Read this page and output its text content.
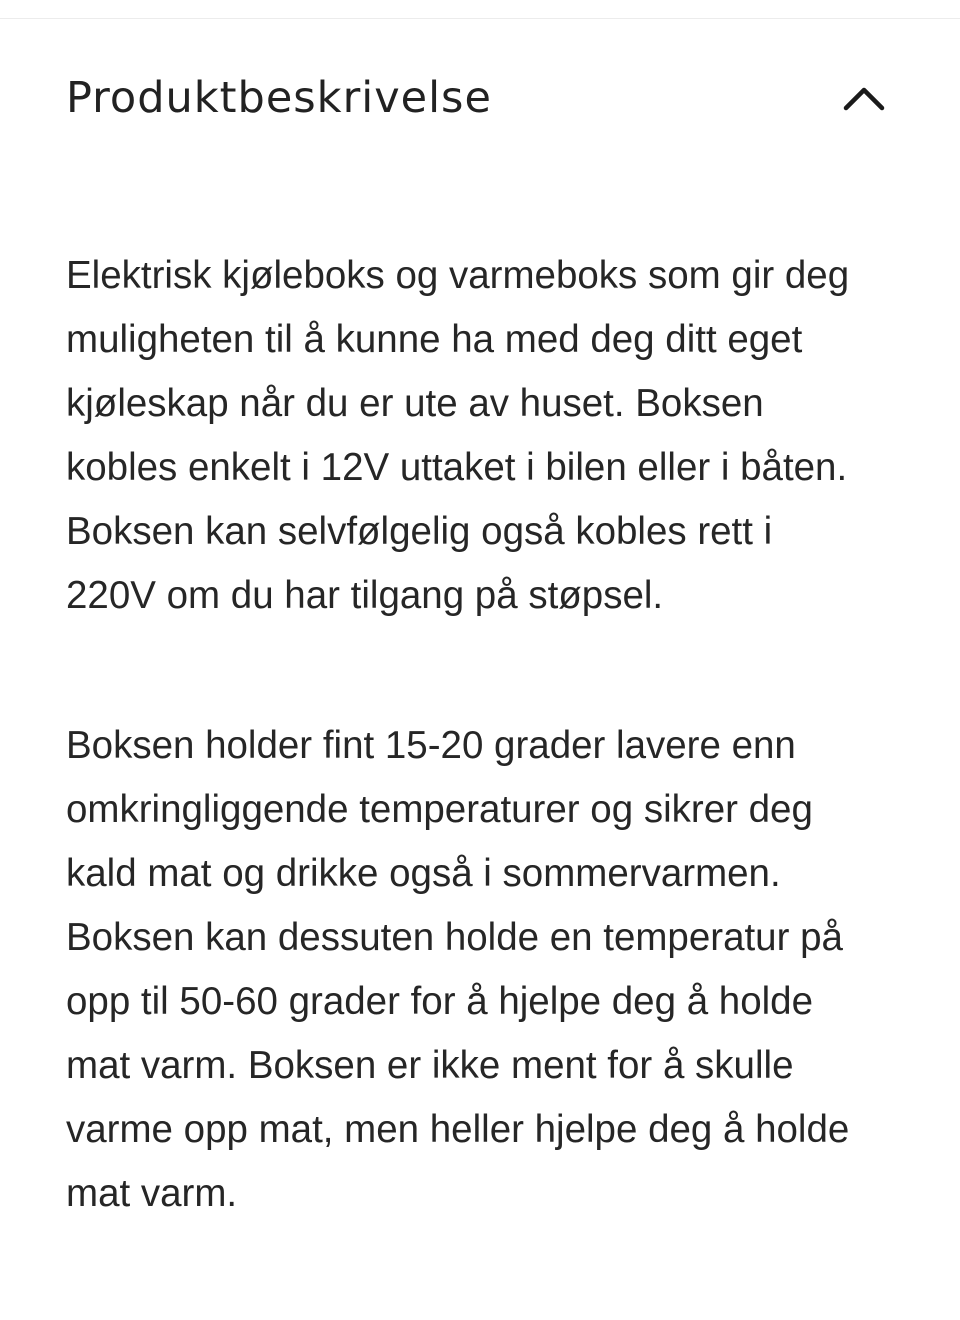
Produktbeskrivelse

Elektrisk kjøleboks og varmeboks som gir deg
muligheten til å kunne ha med deg ditt eget
kjøleskap når du er ute av huset. Boksen
kobles enkelt i 12V uttaket i bilen eller i båten.
Boksen kan selvfølgelig også kobles rett i
220V om du har tilgang på støpsel.

Boksen holder fint 15-20 grader lavere enn
omkringliggende temperaturer og sikrer deg
kald mat og drikke også i sommervarmen.
Boksen kan dessuten holde en temperatur på
opp til 50-60 grader for å hjelpe deg å holde
mat varm. Boksen er ikke ment for å skulle
varme opp mat, men heller hjelpe deg å holde
mat varm.
